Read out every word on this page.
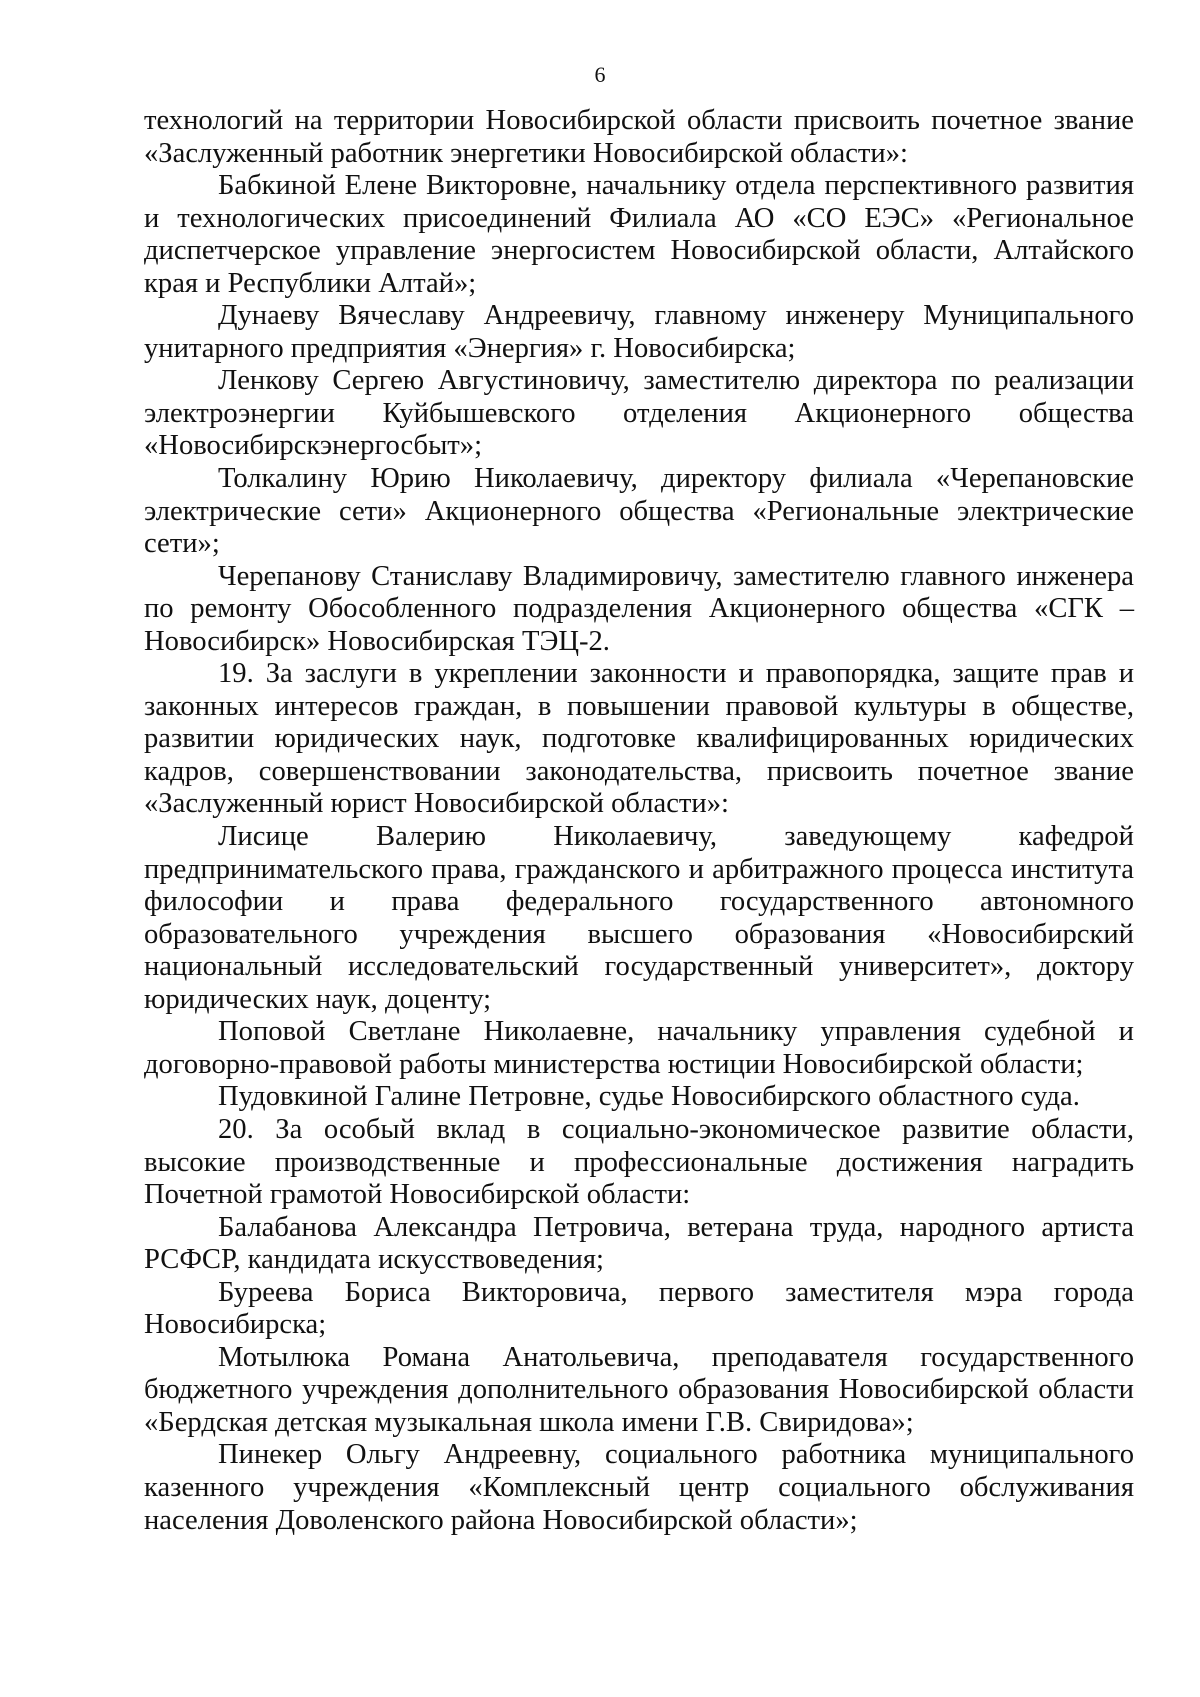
6

технологий на территории Новосибирской области присвоить почетное звание «Заслуженный работник энергетики Новосибирской области»:

Бабкиной Елене Викторовне, начальнику отдела перспективного развития и технологических присоединений Филиала АО «СО ЕЭС» «Региональное диспетчерское управление энергосистем Новосибирской области, Алтайского края и Республики Алтай»;

Дунаеву Вячеславу Андреевичу, главному инженеру Муниципального унитарного предприятия «Энергия» г. Новосибирска;

Ленкову Сергею Августиновичу, заместителю директора по реализации электроэнергии Куйбышевского отделения Акционерного общества «Новосибирскэнергосбыт»;

Толкалину Юрию Николаевичу, директору филиала «Черепановские электрические сети» Акционерного общества «Региональные электрические сети»;

Черепанову Станиславу Владимировичу, заместителю главного инженера по ремонту Обособленного подразделения Акционерного общества «СГК – Новосибирск» Новосибирская ТЭЦ-2.

19. За заслуги в укреплении законности и правопорядка, защите прав и законных интересов граждан, в повышении правовой культуры в обществе, развитии юридических наук, подготовке квалифицированных юридических кадров, совершенствовании законодательства, присвоить почетное звание «Заслуженный юрист Новосибирской области»:

Лисице Валерию Николаевичу, заведующему кафедрой предпринимательского права, гражданского и арбитражного процесса института философии и права федерального государственного автономного образовательного учреждения высшего образования «Новосибирский национальный исследовательский государственный университет», доктору юридических наук, доценту;

Поповой Светлане Николаевне, начальнику управления судебной и договорно-правовой работы министерства юстиции Новосибирской области;

Пудовкиной Галине Петровне, судье Новосибирского областного суда.

20. За особый вклад в социально-экономическое развитие области, высокие производственные и профессиональные достижения наградить Почетной грамотой Новосибирской области:

Балабанова Александра Петровича, ветерана труда, народного артиста РСФСР, кандидата искусствоведения;

Буреева Бориса Викторовича, первого заместителя мэра города Новосибирска;

Мотылюка Романа Анатольевича, преподавателя государственного бюджетного учреждения дополнительного образования Новосибирской области «Бердская детская музыкальная школа имени Г.В. Свиридова»;

Пинекер Ольгу Андреевну, социального работника муниципального казенного учреждения «Комплексный центр социального обслуживания населения Доволенского района Новосибирской области»;
